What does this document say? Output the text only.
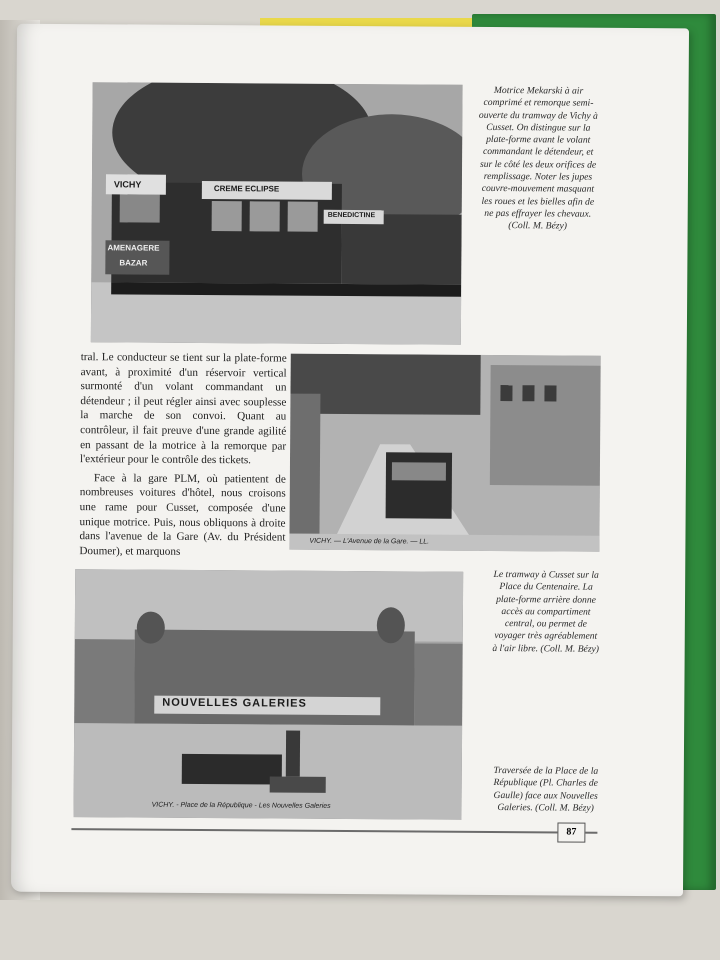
VICHY	CREME ECLIPSE
AMENAGERE
BAZAR
BENEDICTINE

Motrice Mekarski à air comprimé et remorque semi-ouverte du tramway de Vichy à Cusset. On distingue sur la plate-forme avant le volant commandant le détendeur, et sur le côté les deux orifices de remplissage. Noter les jupes couvre-mouvement masquant les roues et les bielles afin de ne pas effrayer les chevaux. (Coll. M. Bézy)

tral. Le conducteur se tient sur la plate-forme avant, à proximité d'un réservoir vertical surmonté d'un volant commandant un détendeur ; il peut régler ainsi avec souplesse la marche de son convoi. Quant au contrôleur, il fait preuve d'une grande agilité en passant de la motrice à la remorque par l'extérieur pour le contrôle des tickets.

Face à la gare PLM, où patientent de nombreuses voitures d'hôtel, nous croisons une rame pour Cusset, composée d'une unique motrice. Puis, nous obliquons à droite dans l'avenue de la Gare (Av. du Président Doumer), et marquons

VICHY. — L'Avenue de la Gare. — LL.

Le tramway à Cusset sur la Place du Centenaire. La plate-forme arrière donne accès au compartiment central, ou permet de voyager très agréablement à l'air libre. (Coll. M. Bézy)

NOUVELLES GALERIES
VICHY. - Place de la République - Les Nouvelles Galeries

Traversée de la Place de la République (Pl. Charles de Gaulle) face aux Nouvelles Galeries. (Coll. M. Bézy)

87
